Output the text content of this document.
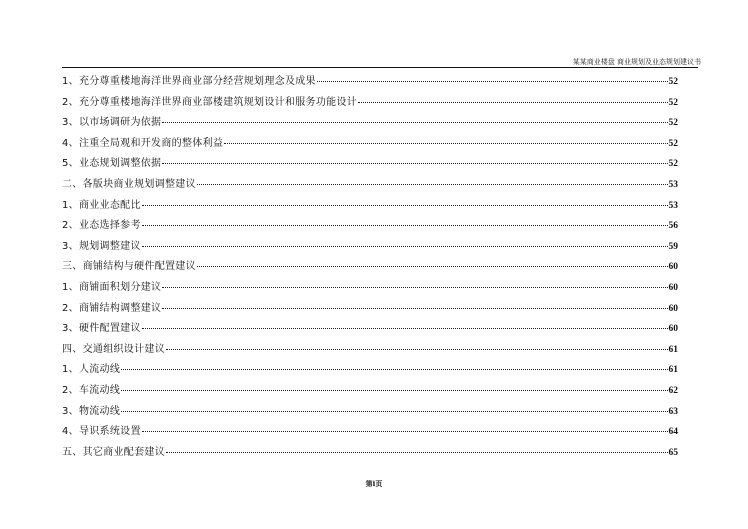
某某商业楼盘 商业规划及业态规划建议书
1、充分尊重楼地海洋世界商业部分经营规划理念及成果	52
2、充分尊重楼地海洋世界商业部楼建筑规划设计和服务功能设计	52
3、以市场调研为依据	52
4、注重全局观和开发商的整体利益	52
5、业态规划调整依据	52
二、各版块商业规划调整建议	53
1、商业业态配比	53
2、业态选择参考	56
3、规划调整建议	59
三、商铺结构与硬件配置建议	60
1、商铺面积划分建议	60
2、商铺结构调整建议	60
3、硬件配置建议	60
四、交通组织设计建议	61
1、人流动线	61
2、车流动线	62
3、物流动线	63
4、导识系统设置	64
五、其它商业配套建议	65
第i页
